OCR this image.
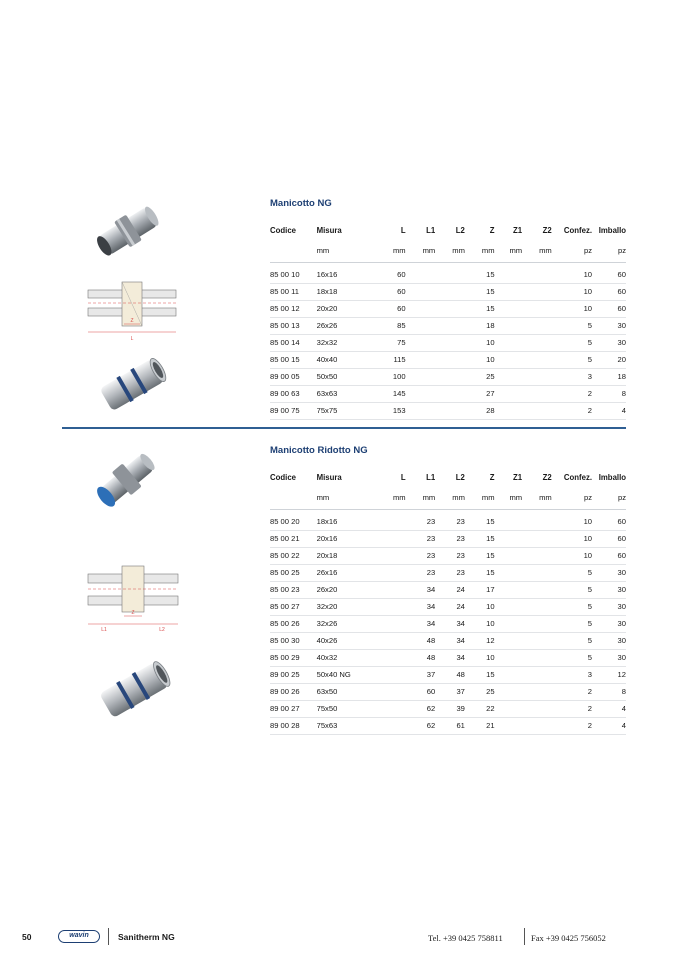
Z
L
Manicotto NG
Codice	Misura	L	L1	L2	Z	Z1	Z2	Confez.	Imballo
	mm	mm	mm	mm	mm	mm	mm	pz	pz

85 00 10	16x16	60			15			10	60
85 00 11	18x18	60			15			10	60
85 00 12	20x20	60			15			10	60
85 00 13	26x26	85			18			5	30
85 00 14	32x32	75			10			5	30
85 00 15	40x40	115			10			5	20
89 00 05	50x50	100			25			3	18
89 00 63	63x63	145			27			2	8
89 00 75	75x75	153			28			2	4
L1
Z
L2
Manicotto Ridotto NG
Codice	Misura	L	L1	L2	Z	Z1	Z2	Confez.	Imballo
	mm	mm	mm	mm	mm	mm	mm	pz	pz

85 00 20	18x16		23	23	15			10	60
85 00 21	20x16		23	23	15			10	60
85 00 22	20x18		23	23	15			10	60
85 00 25	26x16		23	23	15			5	30
85 00 23	26x20		34	24	17			5	30
85 00 27	32x20		34	24	10			5	30
85 00 26	32x26		34	34	10			5	30
85 00 30	40x26		48	34	12			5	30
85 00 29	40x32		48	34	10			5	30
89 00 25	50x40 NG		37	48	15			3	12
89 00 26	63x50		60	37	25			2	8
89 00 27	75x50		62	39	22			2	4
89 00 28	75x63		62	61	21			2	4
50	wavin	Sanitherm NG	Tel. +39 0425 758811	Fax +39 0425 756052
